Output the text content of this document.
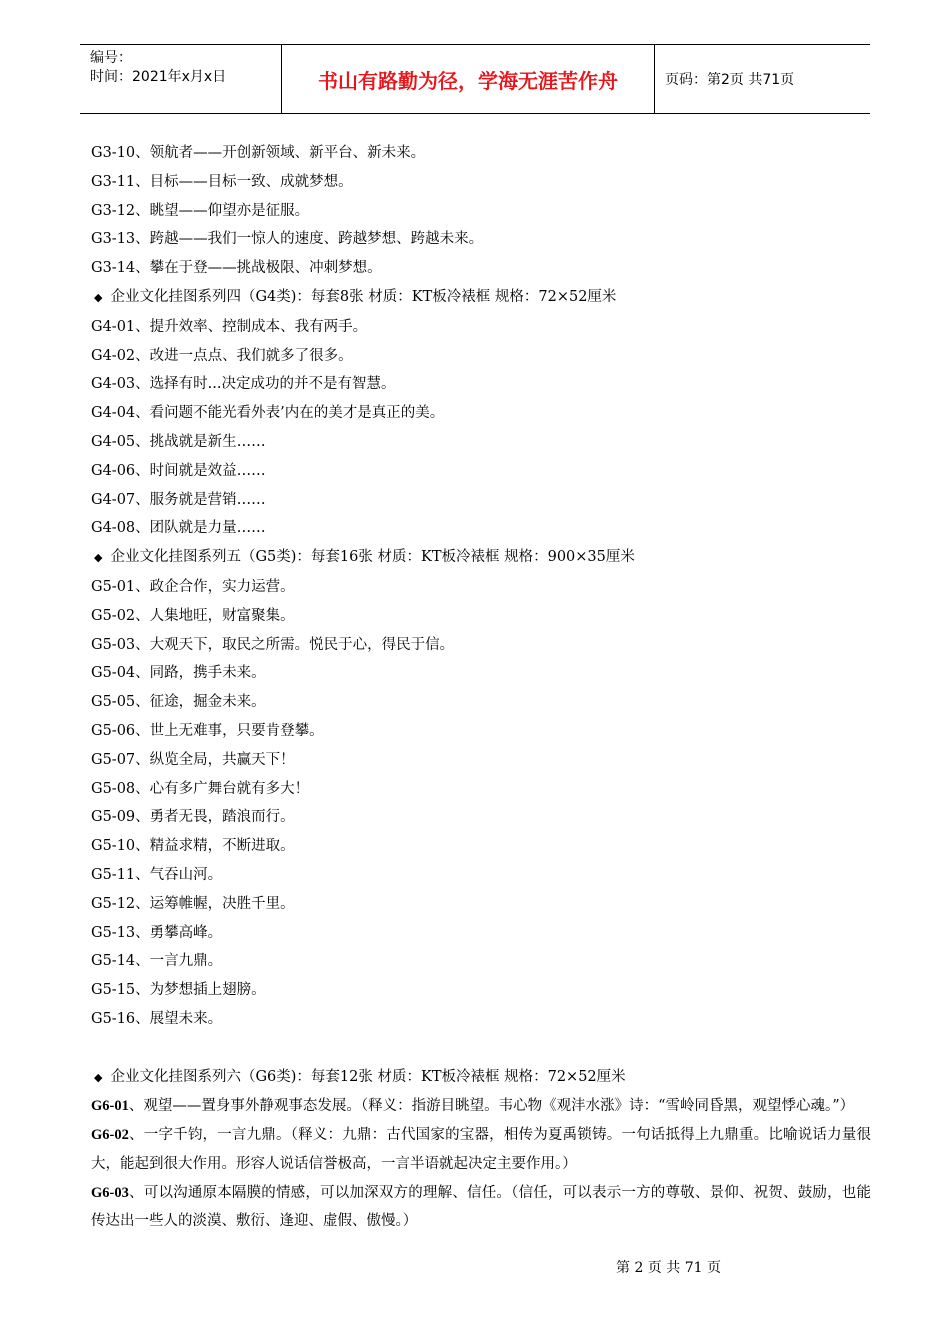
编号：
时间：2021年x月x日	书山有路勤为径，学海无涯苦作舟	页码：第2页 共71页
G3-10、领航者——开创新领域、新平台、新未来。
G3-11、目标——目标一致、成就梦想。
G3-12、眺望——仰望亦是征服。
G3-13、跨越——我们一惊人的速度、跨越梦想、跨越未来。
G3-14、攀在于登——挑战极限、冲刺梦想。
◆ 企业文化挂图系列四（G4类)：每套8张 材质：KT板冷裱框 规格：72×52厘米
G4-01、提升效率、控制成本、我有两手。
G4-02、改进一点点、我们就多了很多。
G4-03、选择有时...决定成功的并不是有智慧。
G4-04、看问题不能光看外表’内在的美才是真正的美。
G4-05、挑战就是新生……
G4-06、时间就是效益……
G4-07、服务就是营销……
G4-08、团队就是力量……
◆ 企业文化挂图系列五（G5类)：每套16张 材质：KT板冷裱框 规格：900×35厘米
G5-01、政企合作，实力运营。
G5-02、人集地旺，财富聚集。
G5-03、大观天下，取民之所需。悦民于心，得民于信。
G5-04、同路，携手未来。
G5-05、征途，掘金未来。
G5-06、世上无难事，只要肯登攀。
G5-07、纵览全局，共赢天下！
G5-08、心有多广舞台就有多大！
G5-09、勇者无畏，踏浪而行。
G5-10、精益求精，不断进取。
G5-11、气吞山河。
G5-12、运筹帷幄，决胜千里。
G5-13、勇攀高峰。
G5-14、一言九鼎。
G5-15、为梦想插上翅膀。
G5-16、展望未来。
◆ 企业文化挂图系列六（G6类)：每套12张 材质：KT板冷裱框 规格：72×52厘米
G6-01、观望——置身事外静观事态发展。（释义：指游目眺望。韦心物《观沣水涨》诗：“雪岭同昏黑，观望悸心魂。”）
G6-02、一字千钧，一言九鼎。（释义：九鼎：古代国家的宝器，相传为夏禹锁铸。一句话抵得上九鼎重。比喻说话力量很大，能起到很大作用。形容人说话信誉极高，一言半语就起决定主要作用。）
G6-03、可以沟通原本隔膜的情感，可以加深双方的理解、信任。（信任，可以表示一方的尊敬、景仰、祝贺、鼓励，也能传达出一些人的淡漠、敷衍、逢迎、虚假、傲慢。）
第 2 页 共 71 页
